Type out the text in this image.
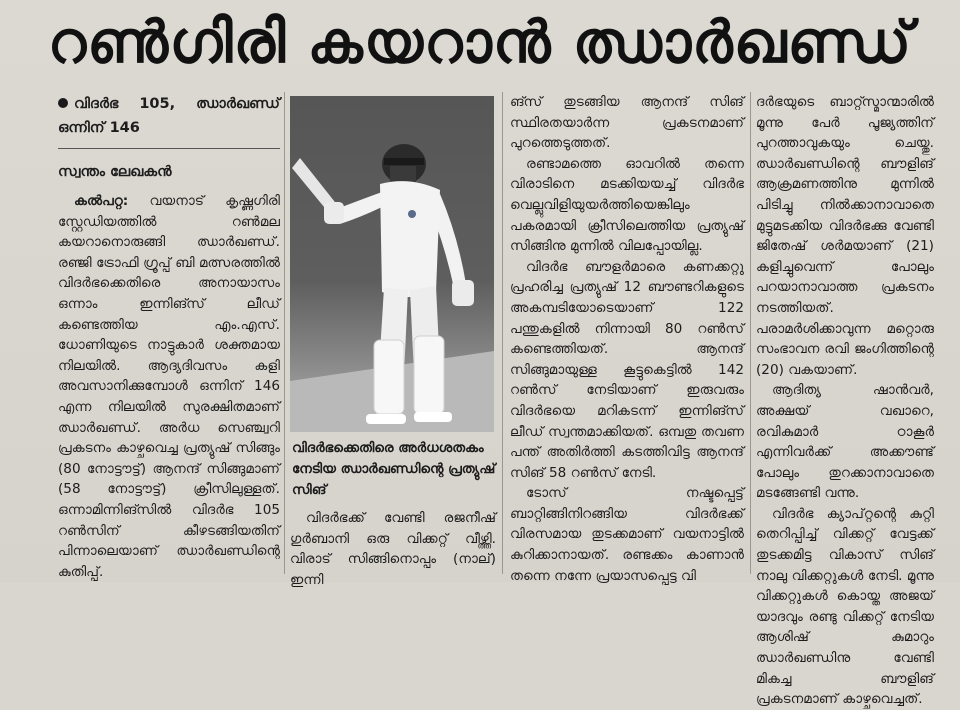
റൺഗിരി കയറാൻ ഝാർഖണ്ഡ്
വിദർഭ 105, ഝാർഖണ്ഡ് ഒന്നിന് 146
സ്വന്തം ലേഖകൻ

കൽപറ്റ: വയനാട് കൃഷ്ണഗിരി സ്റ്റേഡിയത്തിൽ റൺമല കയറാനൊരുങ്ങി ഝാർഖണ്ഡ്. രഞ്ജി ട്രോഫി ഗ്രൂപ്പ് ബി മത്സരത്തിൽ വിദർഭക്കെതിരെ അനായാസം ഒന്നാം ഇന്നിങ്സ് ലീഡ് കണ്ടെത്തിയ എം.എസ്. ധോണിയുടെ നാട്ടുകാർ ശക്തമായ നിലയിൽ. ആദ്യദിവസം കളി അവസാനിക്കുമ്പോൾ ഒന്നിന് 146 എന്ന നിലയിൽ സുരക്ഷിതമാണ് ഝാർഖണ്ഡ്. അർധ സെഞ്ച്വറി പ്രകടനം കാഴ്ചവെച്ച പ്രത്യുഷ് സിങ്ങും (80 നോട്ടൗട്ട്) ആനന്ദ് സിങ്ങുമാണ് (58 നോട്ടൗട്ട്) ക്രീസിലുള്ളത്. ഒന്നാമിന്നിങ്സിൽ വിദർഭ 105 റൺസിന് കീഴടങ്ങിയതിന് പിന്നാലെയാണ് ഝാർഖണ്ഡിന്റെ കുതിപ്പ്.

വിദർഭക്കെതിരെ അർധശതകം നേടിയ ഝാർഖണ്ഡിന്റെ പ്രത്യുഷ് സിങ്

വിദർഭക്ക് വേണ്ടി രജനീഷ് ഗുർബാനി ഒരു വിക്കറ്റ് വീഴ്ത്തി. വിരാട് സിങ്ങിനൊപ്പം (നാല്) ഇന്നി

ങ്സ് തുടങ്ങിയ ആനന്ദ് സിങ് സ്ഥിരതയാർന്ന പ്രകടനമാണ് പുറത്തെടുത്തത്.

രണ്ടാമത്തെ ഓവറിൽ തന്നെ വിരാടിനെ മടക്കിയയച്ച് വിദർഭ വെല്ലുവിളിയുയർത്തിയെങ്കിലും പകരമായി ക്രീസിലെത്തിയ പ്രത്യുഷ് സിങ്ങിനു മുന്നിൽ വിലപ്പോയില്ല.

വിദർഭ ബൗളർമാരെ കണക്കറ്റു പ്രഹരിച്ച പ്രത്യുഷ് 12 ബൗണ്ടറികളുടെ അകമ്പടിയോടെയാണ് 122 പന്തുകളിൽ നിന്നായി 80 റൺസ് കണ്ടെത്തിയത്. ആനന്ദ് സിങ്ങുമായുള്ള കൂട്ടുകെട്ടിൽ 142 റൺസ് നേടിയാണ് ഇരുവരും വിദർഭയെ മറികടന്ന് ഇന്നിങ്സ് ലീഡ് സ്വന്തമാക്കിയത്. ഒമ്പതു തവണ പന്ത് അതിർത്തി കടത്തിവിട്ട ആനന്ദ് സിങ് 58 റൺസ് നേടി.

ടോസ് നഷ്ടപ്പെട്ട് ബാറ്റിങ്ങിനിറങ്ങിയ വിദർഭക്ക് വിരസമായ തുടക്കമാണ് വയനാട്ടിൽ കുറിക്കാനായത്. രണ്ടക്കം കാണാൻ തന്നെ നന്നേ പ്രയാസപ്പെട്ട വി

ദർഭയുടെ ബാറ്റ്സ്മാന്മാരിൽ മൂന്നു പേർ പൂജ്യത്തിന് പുറത്താവുകയും ചെയ്തു. ഝാർഖണ്ഡിന്റെ ബൗളിങ് ആക്രമണത്തിനു മുന്നിൽ പിടിച്ചു നിൽക്കാനാവാതെ മുട്ടുമടക്കിയ വിദർഭക്കു വേണ്ടി ജിതേഷ് ശർമയാണ് (21) കളിച്ചുവെന്ന് പോലും പറയാനാവാത്ത പ്രകടനം നടത്തിയത്. പരാമർശിക്കാവുന്ന മറ്റൊരു സംഭാവന രവി ജംഗിത്തിന്റെ (20) വകയാണ്.

ആദിത്യ ഷാൻവർ, അക്ഷയ് വഖാറെ, രവികുമാർ ഠാകൂർ എന്നിവർക്ക് അക്കൗണ്ട് പോലും തുറക്കാനാവാതെ മടങ്ങേണ്ടി വന്നു.

വിദർഭ ക്യാപ്റ്റന്റെ കുറ്റി തെറിപ്പിച്ച് വിക്കറ്റ് വേട്ടക്ക് തുടക്കമിട്ട വികാസ് സിങ് നാലു വിക്കറ്റുകൾ നേടി. മൂന്നു വിക്കറ്റുകൾ കൊയ്ത അജയ് യാദവും രണ്ടു വിക്കറ്റ് നേടിയ ആശിഷ് കുമാറും ഝാർഖണ്ഡിനു വേണ്ടി മികച്ച ബൗളിങ് പ്രകടനമാണ് കാഴ്ചവെച്ചത്.
